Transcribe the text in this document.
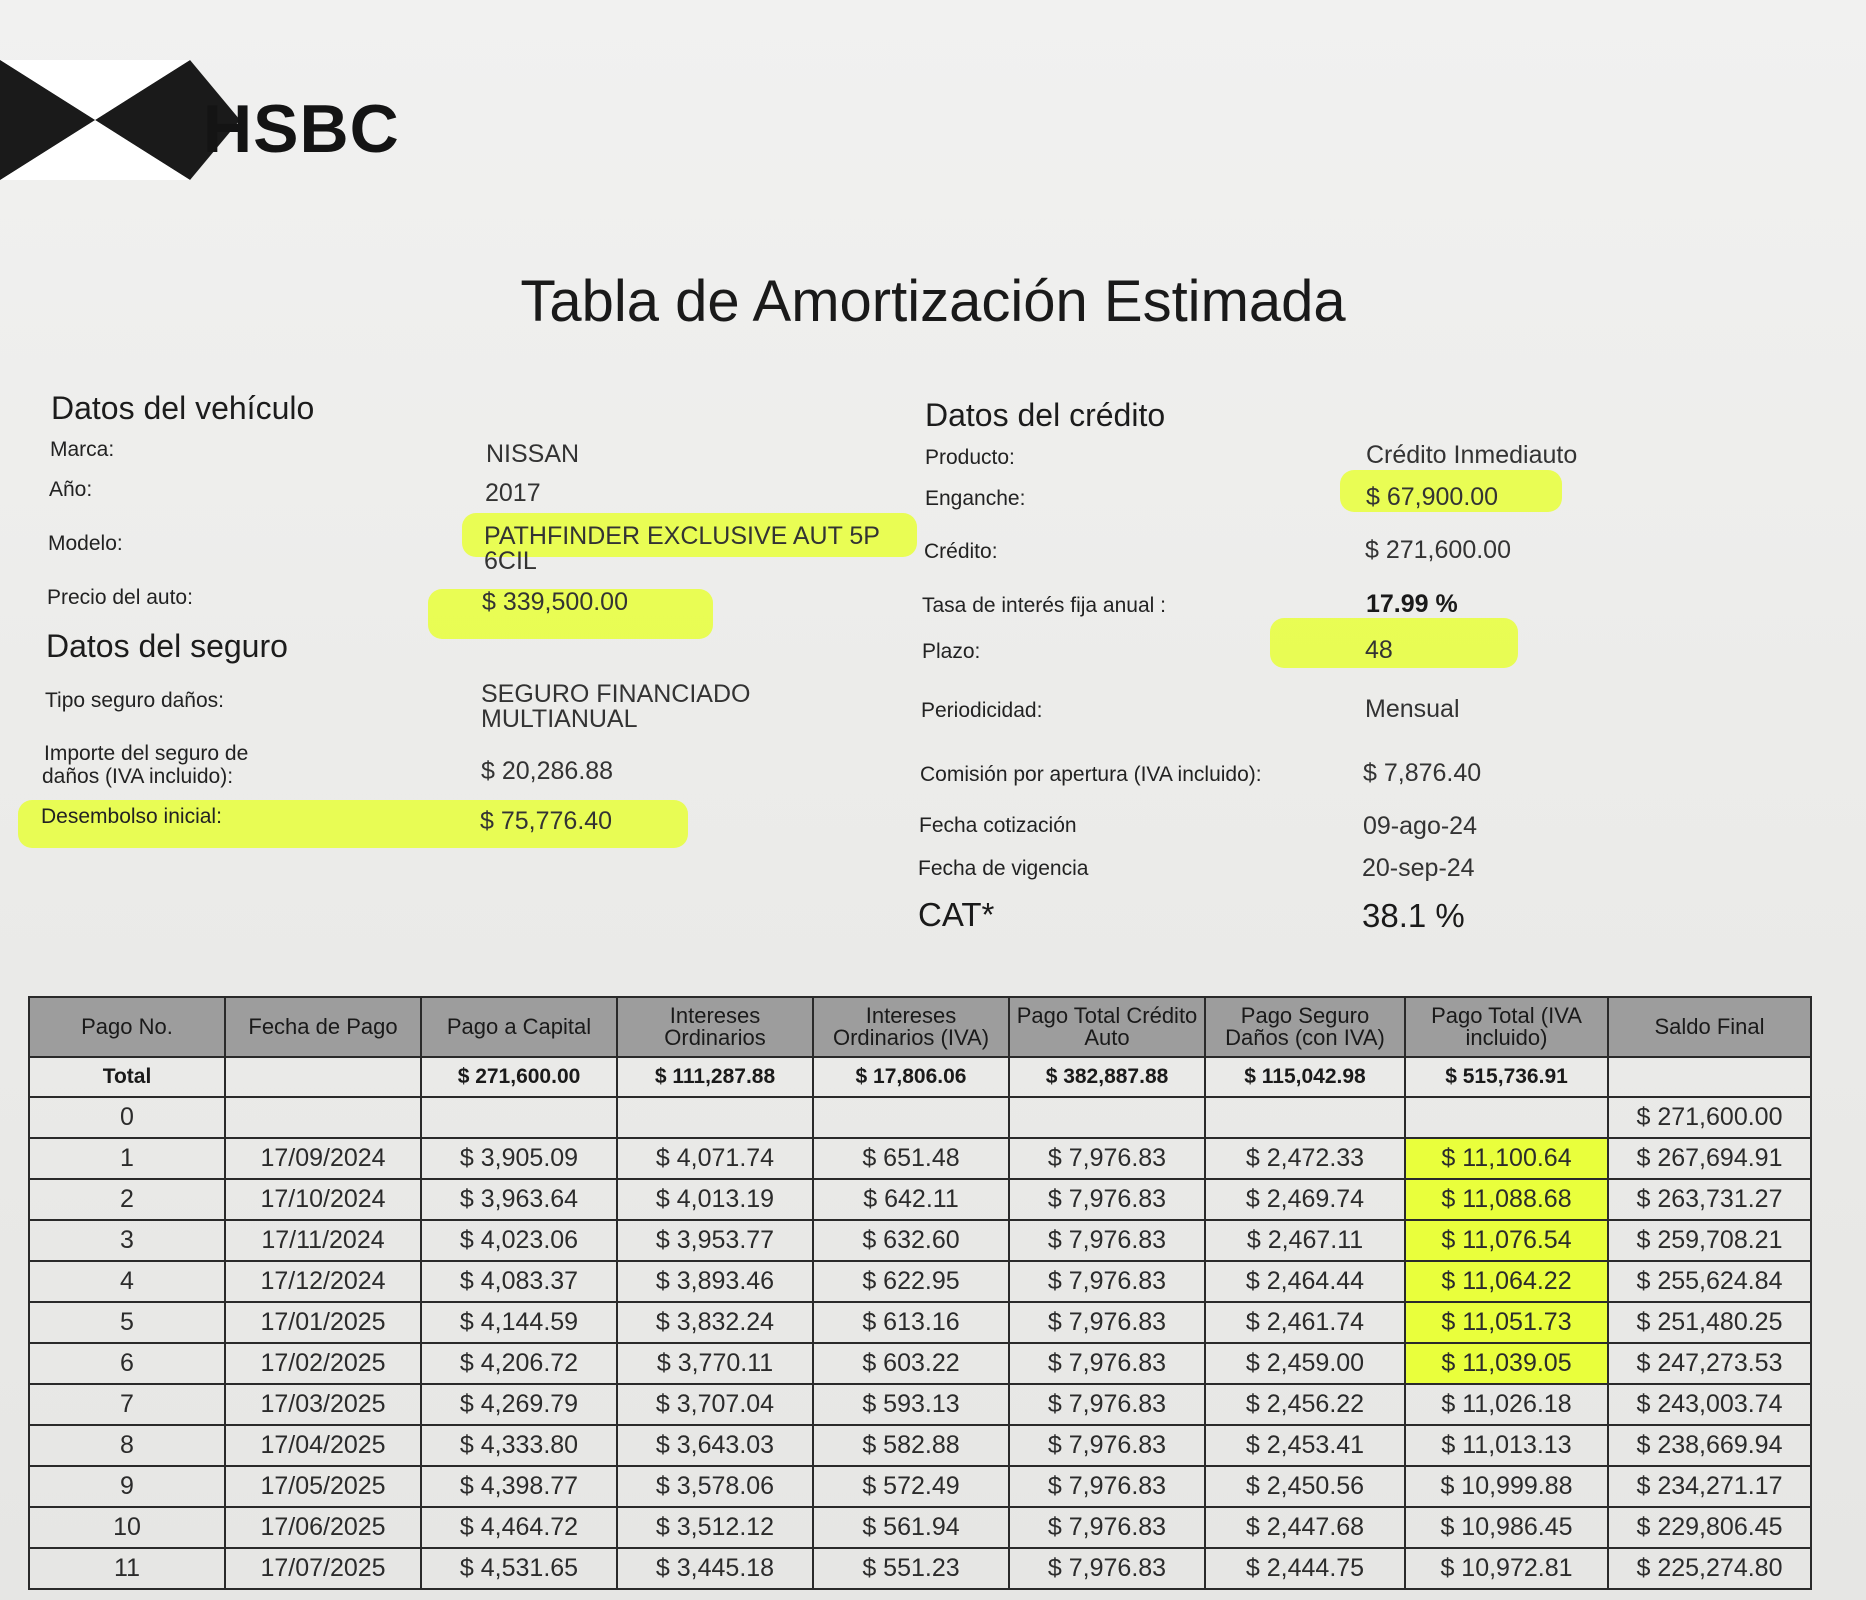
HSBC
Tabla de Amortización Estimada
Datos del vehículo
Marca:	NISSAN
Año:	2017
Modelo:	PATHFINDER EXCLUSIVE AUT 5P
6CIL
Precio del auto:	$ 339,500.00
Datos del seguro
Tipo seguro daños:	SEGURO FINANCIADO
MULTIANUAL
Importe del seguro de
daños (IVA incluido):	$ 20,286.88
Desembolso inicial:	$ 75,776.40
Datos del crédito
Producto:	Crédito Inmediauto
Enganche:	$ 67,900.00
Crédito:	$ 271,600.00
Tasa de interés fija anual :	17.99 %
Plazo:	48
Periodicidad:	Mensual
Comisión por apertura (IVA incluido):	$ 7,876.40
Fecha cotización	09-ago-24
Fecha de vigencia	20-sep-24
CAT*	38.1 %
Pago No.	Fecha de Pago	Pago a Capital	Intereses Ordinarios	Intereses Ordinarios (IVA)	Pago Total Crédito Auto	Pago Seguro Daños (con IVA)	Pago Total (IVA incluido)	Saldo Final
Total		$ 271,600.00	$ 111,287.88	$ 17,806.06	$ 382,887.88	$ 115,042.98	$ 515,736.91	
0								$ 271,600.00
1	17/09/2024	$ 3,905.09	$ 4,071.74	$ 651.48	$ 7,976.83	$ 2,472.33	$ 11,100.64	$ 267,694.91
2	17/10/2024	$ 3,963.64	$ 4,013.19	$ 642.11	$ 7,976.83	$ 2,469.74	$ 11,088.68	$ 263,731.27
3	17/11/2024	$ 4,023.06	$ 3,953.77	$ 632.60	$ 7,976.83	$ 2,467.11	$ 11,076.54	$ 259,708.21
4	17/12/2024	$ 4,083.37	$ 3,893.46	$ 622.95	$ 7,976.83	$ 2,464.44	$ 11,064.22	$ 255,624.84
5	17/01/2025	$ 4,144.59	$ 3,832.24	$ 613.16	$ 7,976.83	$ 2,461.74	$ 11,051.73	$ 251,480.25
6	17/02/2025	$ 4,206.72	$ 3,770.11	$ 603.22	$ 7,976.83	$ 2,459.00	$ 11,039.05	$ 247,273.53
7	17/03/2025	$ 4,269.79	$ 3,707.04	$ 593.13	$ 7,976.83	$ 2,456.22	$ 11,026.18	$ 243,003.74
8	17/04/2025	$ 4,333.80	$ 3,643.03	$ 582.88	$ 7,976.83	$ 2,453.41	$ 11,013.13	$ 238,669.94
9	17/05/2025	$ 4,398.77	$ 3,578.06	$ 572.49	$ 7,976.83	$ 2,450.56	$ 10,999.88	$ 234,271.17
10	17/06/2025	$ 4,464.72	$ 3,512.12	$ 561.94	$ 7,976.83	$ 2,447.68	$ 10,986.45	$ 229,806.45
11	17/07/2025	$ 4,531.65	$ 3,445.18	$ 551.23	$ 7,976.83	$ 2,444.75	$ 10,972.81	$ 225,274.80
